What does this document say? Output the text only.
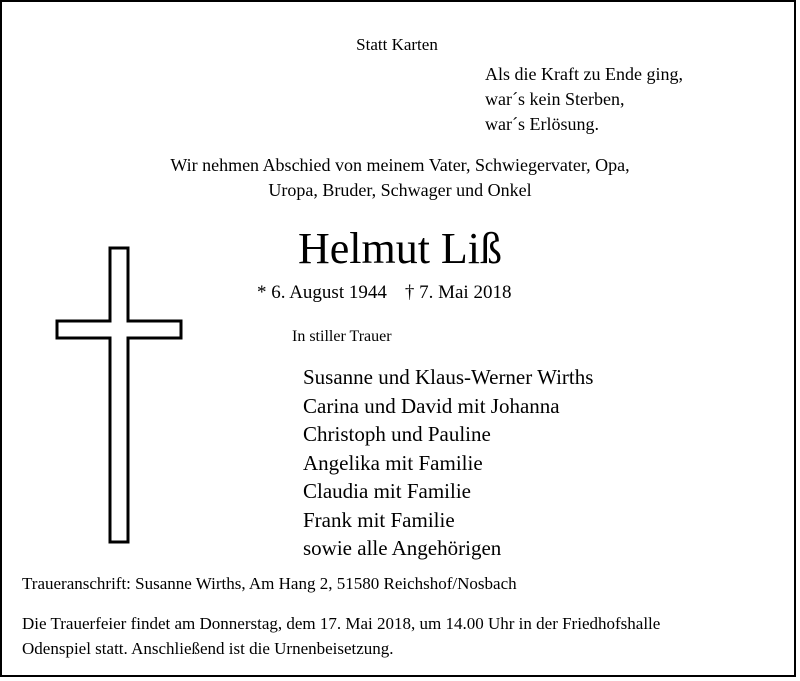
Statt Karten
Als die Kraft zu Ende ging,
war´s kein Sterben,
war´s Erlösung.
Wir nehmen Abschied von meinem Vater, Schwiegervater, Opa,
Uropa, Bruder, Schwager und Onkel
Helmut Liß
* 6. August 1944 † 7. Mai 2018
In stiller Trauer
Susanne und Klaus-Werner Wirths
Carina und David mit Johanna
Christoph und Pauline
Angelika mit Familie
Claudia mit Familie
Frank mit Familie
sowie alle Angehörigen
Traueranschrift: Susanne Wirths, Am Hang 2, 51580 Reichshof/Nosbach
Die Trauerfeier findet am Donnerstag, dem 17. Mai 2018, um 14.00 Uhr in der Friedhofshalle
Odenspiel statt. Anschließend ist die Urnenbeisetzung.
